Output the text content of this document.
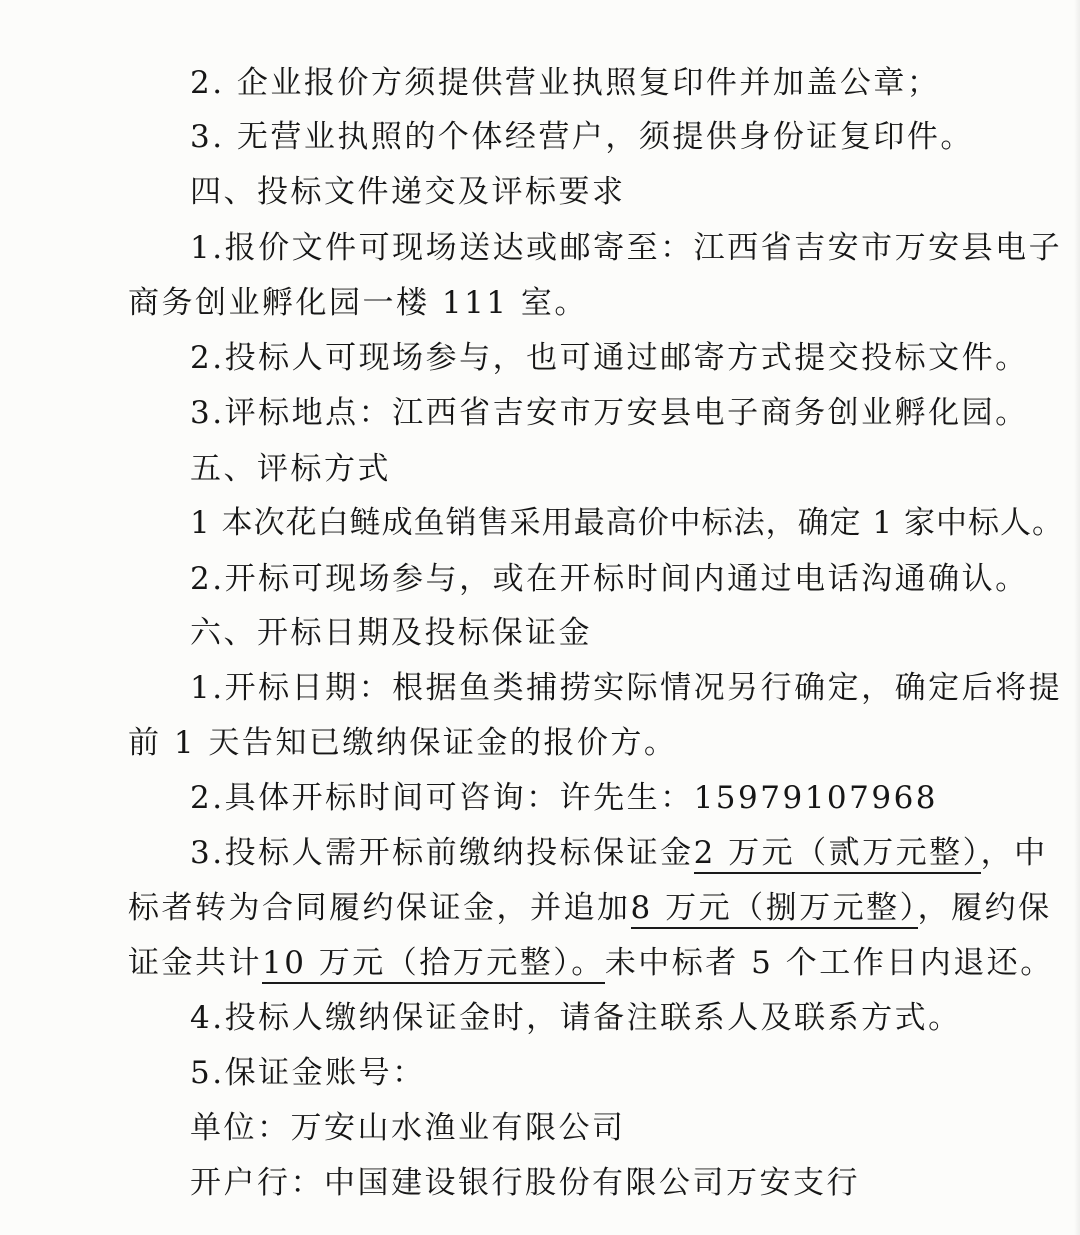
2. 企业报价方须提供营业执照复印件并加盖公章；
3. 无营业执照的个体经营户，须提供身份证复印件。
四、投标文件递交及评标要求
1.报价文件可现场送达或邮寄至：江西省吉安市万安县电子
商务创业孵化园一楼 111 室。
2.投标人可现场参与，也可通过邮寄方式提交投标文件。
3.评标地点：江西省吉安市万安县电子商务创业孵化园。
五、评标方式
1 本次花白鲢成鱼销售采用最高价中标法，确定 1 家中标人。
2.开标可现场参与，或在开标时间内通过电话沟通确认。
六、开标日期及投标保证金
1.开标日期：根据鱼类捕捞实际情况另行确定，确定后将提
前 1 天告知已缴纳保证金的报价方。
2.具体开标时间可咨询：许先生：15979107968
3.投标人需开标前缴纳投标保证金2 万元（贰万元整），中
标者转为合同履约保证金，并追加8 万元（捌万元整），履约保
证金共计10 万元（拾万元整）。未中标者 5 个工作日内退还。
4.投标人缴纳保证金时，请备注联系人及联系方式。
5.保证金账号：
单位：万安山水渔业有限公司
开户行：中国建设银行股份有限公司万安支行
